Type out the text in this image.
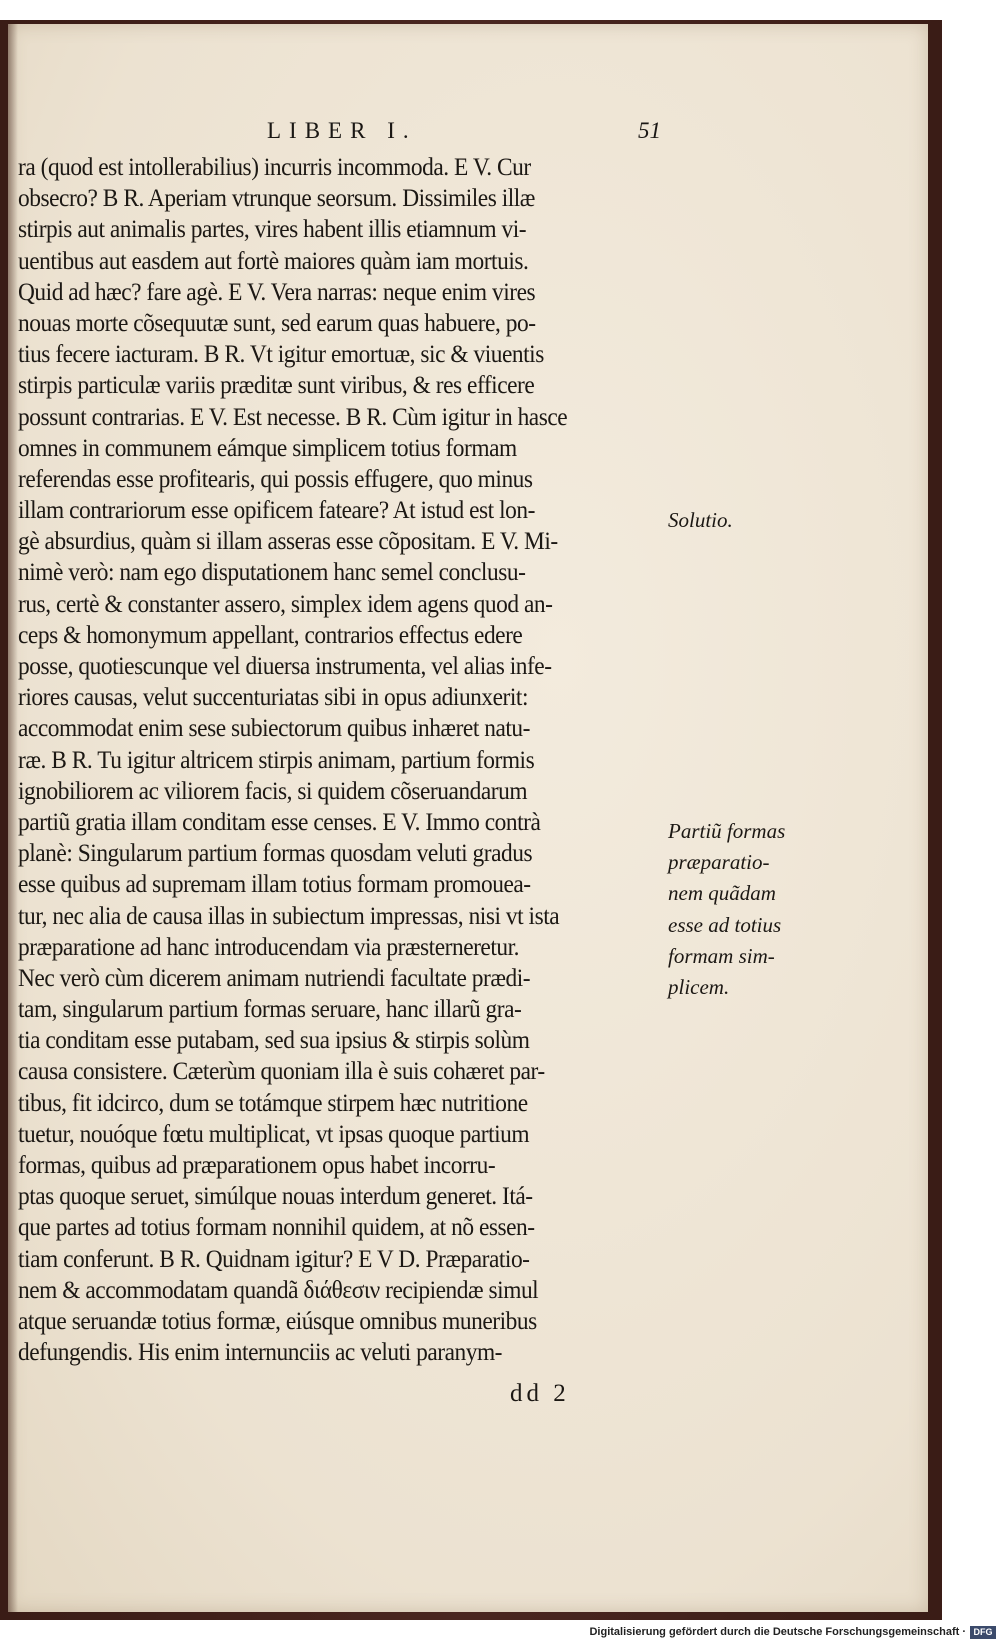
LIBER I.	51
ra (quod est intollerabilius) incurris incommoda. E V. Cur
obsecro? B R. Aperiam vtrunque seorsum. Dissimiles illæ
stirpis aut animalis partes, vires habent illis etiamnum vi-
uentibus aut easdem aut fortè maiores quàm iam mortuis.
Quid ad hæc? fare agè. E V. Vera narras: neque enim vires
nouas morte cõsequutæ sunt, sed earum quas habuere, po-
tius fecere iacturam. B R. Vt igitur emortuæ, sic & viuentis
stirpis particulæ variis præditæ sunt viribus, & res efficere
possunt contrarias. E V. Est necesse. B R. Cùm igitur in hasce
omnes in communem eámque simplicem totius formam
referendas esse profitearis, qui possis effugere, quo minus
illam contrariorum esse opificem fateare? At istud est lon-
gè absurdius, quàm si illam asseras esse cõpositam. E V. Mi-
nimè verò: nam ego disputationem hanc semel conclusu-
rus, certè & constanter assero, simplex idem agens quod an-
ceps & homonymum appellant, contrarios effectus edere
posse, quotiescunque vel diuersa instrumenta, vel alias infe-
riores causas, velut succenturiatas sibi in opus adiunxerit:
accommodat enim sese subiectorum quibus inhæret natu-
ræ. B R. Tu igitur altricem stirpis animam, partium formis
ignobiliorem ac viliorem facis, si quidem cõseruandarum
partiũ gratia illam conditam esse censes. E V. Immo contrà
planè: Singularum partium formas quosdam veluti gradus
esse quibus ad supremam illam totius formam promouea-
tur, nec alia de causa illas in subiectum impressas, nisi vt ista
præparatione ad hanc introducendam via præsterneretur.
Nec verò cùm dicerem animam nutriendi facultate prædi-
tam, singularum partium formas seruare, hanc illarũ gra-
tia conditam esse putabam, sed sua ipsius & stirpis solùm
causa consistere. Cæterùm quoniam illa è suis cohæret par-
tibus, fit idcirco, dum se totámque stirpem hæc nutritione
tuetur, nouóque fœtu multiplicat, vt ipsas quoque partium
formas, quibus ad præparationem opus habet incorru-
ptas quoque seruet, simúlque nouas interdum generet. Itá-
que partes ad totius formam nonnihil quidem, at nõ essen-
tiam conferunt. B R. Quidnam igitur? E V D. Præparatio-
nem & accommodatam quandã διάθεσιν recipiendæ simul
atque seruandæ totius formæ, eiúsque omnibus muneribus
defungendis. His enim internunciis ac veluti paranym-
Solutio.
Partiũ formas
præparatio-
nem quãdam
esse ad totius
formam sim-
plicem.
dd 2
Digitalisierung gefördert durch die Deutsche Forschungsgemeinschaft · DFG
